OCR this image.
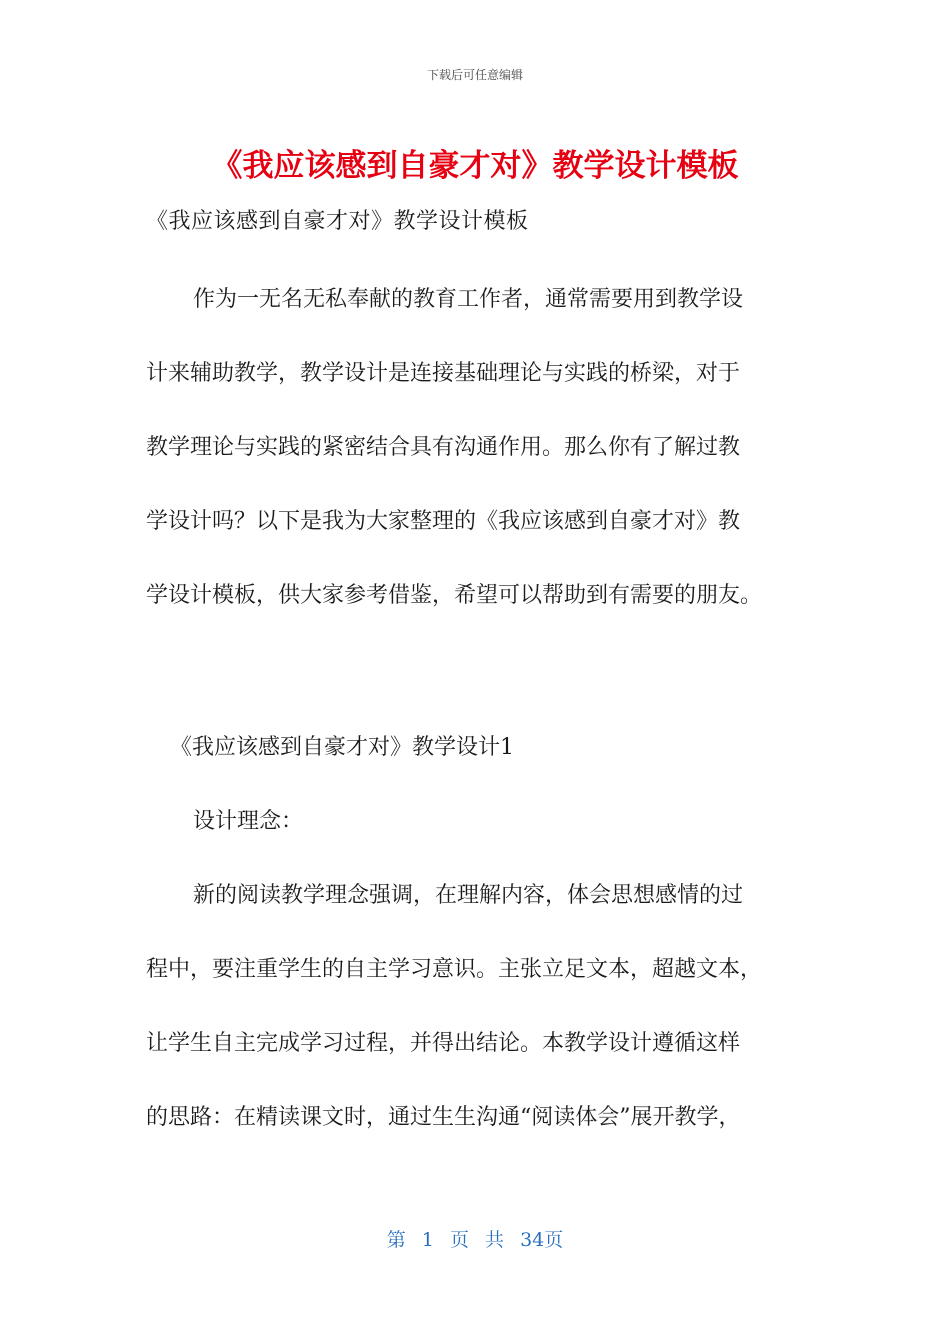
下载后可任意编辑
《我应该感到自豪才对》教学设计模板
《我应该感到自豪才对》教学设计模板
作为一无名无私奉献的教育工作者，通常需要用到教学设
计来辅助教学，教学设计是连接基础理论与实践的桥梁，对于
教学理论与实践的紧密结合具有沟通作用。那么你有了解过教
学设计吗？以下是我为大家整理的《我应该感到自豪才对》教
学设计模板，供大家参考借鉴，希望可以帮助到有需要的朋友。
《我应该感到自豪才对》教学设计1
设计理念：
新的阅读教学理念强调，在理解内容，体会思想感情的过
程中，要注重学生的自主学习意识。主张立足文本，超越文本，
让学生自主完成学习过程，并得出结论。本教学设计遵循这样
的思路：在精读课文时，通过生生沟通“阅读体会”展开教学，
第 1 页 共 34页
